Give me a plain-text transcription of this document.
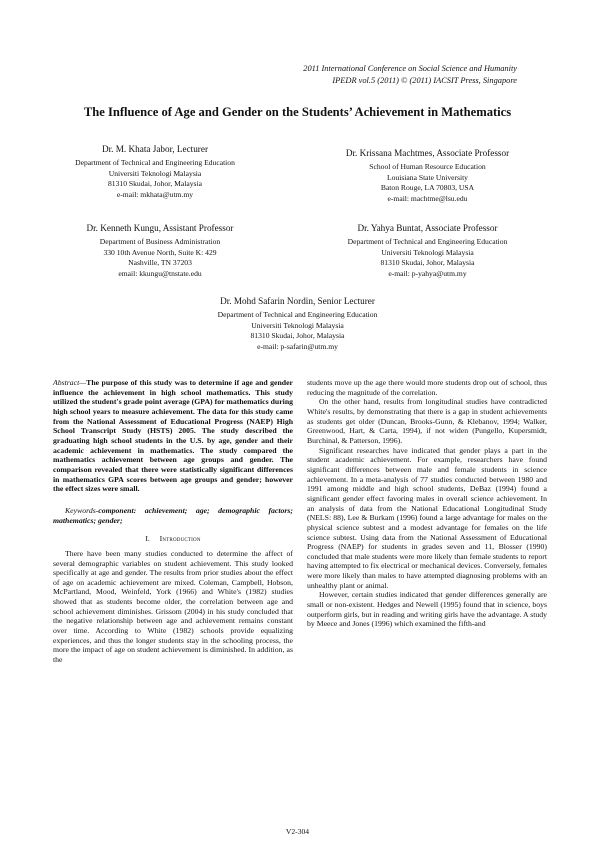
2011 International Conference on Social Science and Humanity
IPEDR vol.5 (2011) © (2011) IACSIT Press, Singapore
The Influence of Age and Gender on the Students’ Achievement in Mathematics
Dr. M. Khata Jabor, Lecturer
Department of Technical and Engineering Education
Universiti Teknologi Malaysia
81310 Skudai, Johor, Malaysia
e-mail: mkhata@utm.my
Dr. Krissana Machtmes, Associate Professor
School of Human Resource Education
Louisiana State University
Baton Rouge, LA 70803, USA
e-mail: machtme@lsu.edu
Dr. Kenneth Kungu, Assistant Professor
Department of Business Administration
330 10th Avenue North, Suite K: 429
Nashville, TN 37203
email: kkungu@tnstate.edu
Dr. Yahya Buntat, Associate Professor
Department of Technical and Engineering Education
Universiti Teknologi Malaysia
81310 Skudai, Johor, Malaysia
e-mail: p-yahya@utm.my
Dr. Mohd Safarin Nordin, Senior Lecturer
Department of Technical and Engineering Education
Universiti Teknologi Malaysia
81310 Skudai, Johor, Malaysia
e-mail: p-safarin@utm.my

Abstract—The purpose of this study was to determine if age and gender influence the achievement in high school mathematics. This study utilized the student's grade point average (GPA) for mathematics during high school years to measure achievement. The data for this study came from the National Assessment of Educational Progress (NAEP) High School Transcript Study (HSTS) 2005. The study described the graduating high school students in the U.S. by age, gender and their academic achievement in mathematics. The study compared the mathematics achievement between age groups and gender. The comparison revealed that there were statistically significant differences in mathematics GPA scores between age groups and gender; however the effect sizes were small.

Keywords-component: achievement; age; demographic factors; mathematics; gender;

I. Introduction

There have been many studies conducted to determine the affect of several demographic variables on student achievement. This study looked specifically at age and gender. The results from prior studies about the effect of age on academic achievement are mixed. Coleman, Campbell, Hobson, McPartland, Mood, Weinfeld, York (1966) and White's (1982) studies showed that as students become older, the correlation between age and school achievement diminishes. Grissom (2004) in his study concluded that the negative relationship between age and achievement remains constant over time. According to White (1982) schools provide equalizing experiences, and thus the longer students stay in the schooling process, the more the impact of age on student achievement is diminished. In addition, as the

students move up the age there would more students drop out of school, thus reducing the magnitude of the correlation.

On the other hand, results from longitudinal studies have contradicted White's results, by demonstrating that there is a gap in student achievements as students get older (Duncan, Brooks-Gunn, & Klebanov, 1994; Walker, Greenwood, Hart, & Carta, 1994), if not widen (Pungello, Kupersmidt, Burchinal, & Patterson, 1996).

Significant researches have indicated that gender plays a part in the student academic achievement. For example, researchers have found significant differences between male and female students in science achievement. In a meta-analysis of 77 studies conducted between 1980 and 1991 among middle and high school students, DeBaz (1994) found a significant gender effect favoring males in overall science achievement. In an analysis of data from the National Educational Longitudinal Study (NELS: 88), Lee & Burkam (1996) found a large advantage for males on the physical science subtest and a modest advantage for females on the life science subtest. Using data from the National Assessment of Educational Progress (NAEP) for students in grades seven and 11, Blosser (1990) concluded that male students were more likely than female students to report having attempted to fix electrical or mechanical devices. Conversely, females were more likely than males to have attempted diagnosing problems with an unhealthy plant or animal.

However, certain studies indicated that gender differences generally are small or non-existent. Hedges and Newell (1995) found that in science, boys outperform girls, but in reading and writing girls have the advantage. A study by Meece and Jones (1996) which examined the fifth-and

V2-304
